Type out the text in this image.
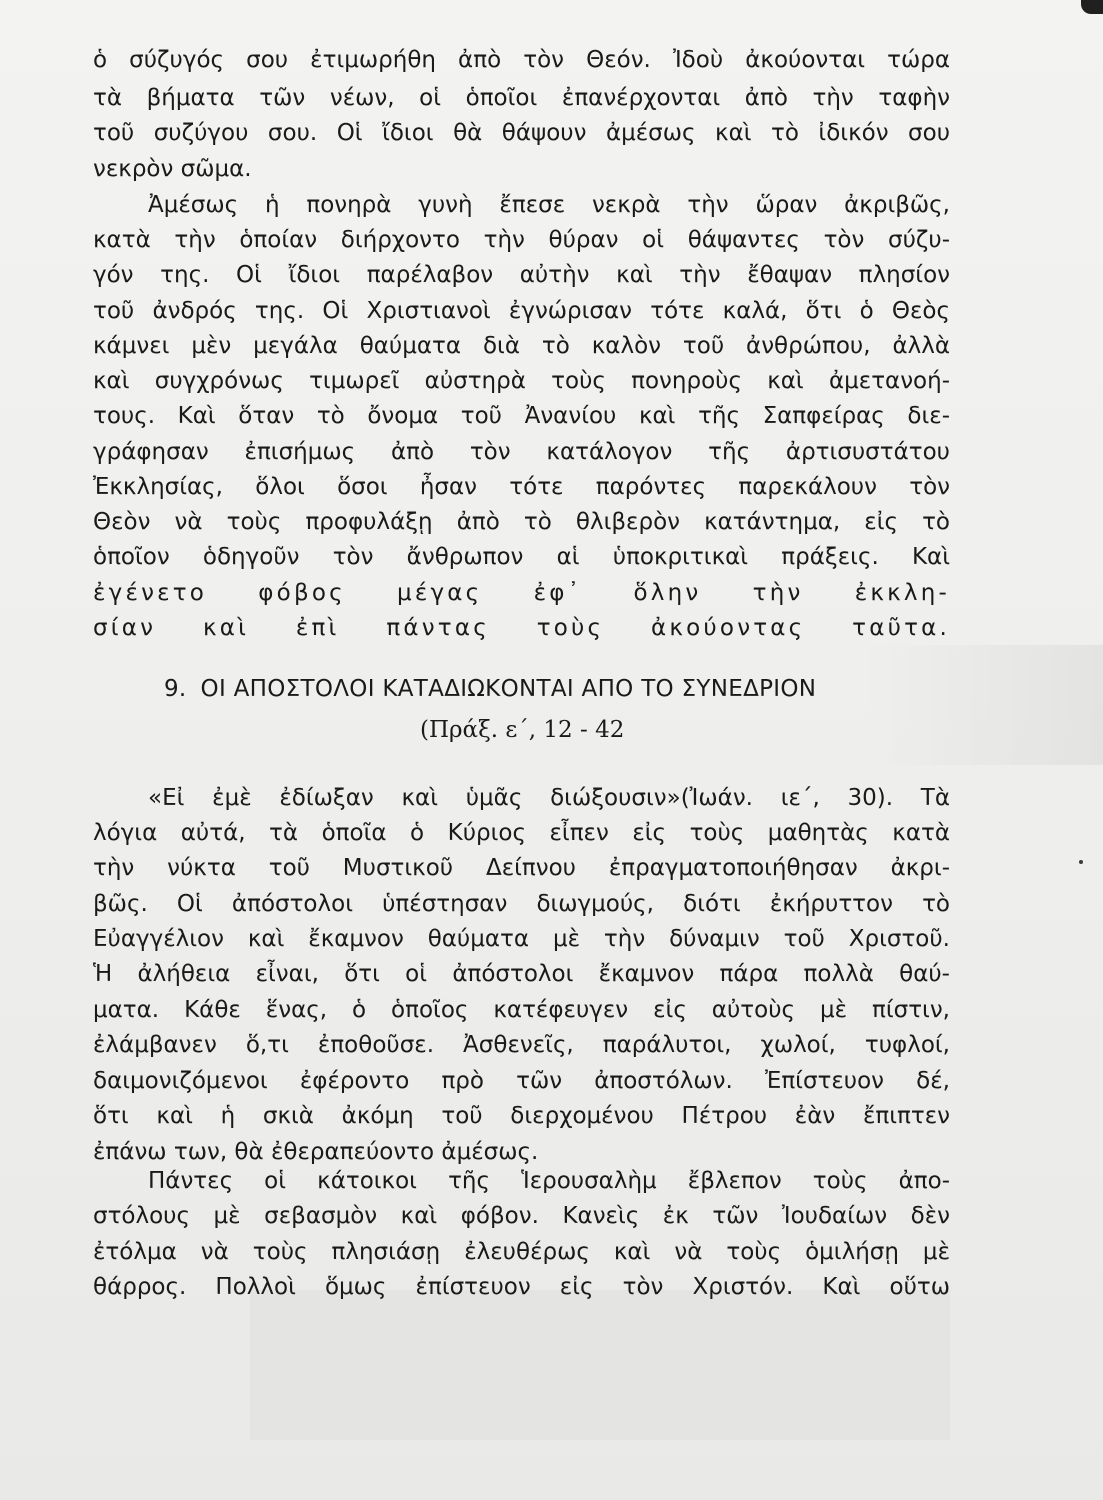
ὁ σύζυγός σου ἐτιμωρήθη ἀπὸ τὸν Θεόν. Ἰδοὺ ἀκούονται τώρα
τὰ βήματα τῶν νέων, οἱ ὁποῖοι ἐπανέρχονται ἀπὸ τὴν ταφὴν
τοῦ συζύγου σου. Οἱ ἴδιοι θὰ θάψουν ἀμέσως καὶ τὸ ἰδικόν σου
νεκρὸν σῶμα.
Ἀμέσως ἡ πονηρὰ γυνὴ ἔπεσε νεκρὰ τὴν ὥραν ἀκριβῶς,
κατὰ τὴν ὁποίαν διήρχοντο τὴν θύραν οἱ θάψαντες τὸν σύζυ-
γόν της. Οἱ ἴδιοι παρέλαβον αὐτὴν καὶ τὴν ἔθαψαν πλησίον
τοῦ ἀνδρός της. Οἱ Χριστιανοὶ ἐγνώρισαν τότε καλά, ὅτι ὁ Θεὸς
κάμνει μὲν μεγάλα θαύματα διὰ τὸ καλὸν τοῦ ἀνθρώπου, ἀλλὰ
καὶ συγχρόνως τιμωρεῖ αὐστηρὰ τοὺς πονηροὺς καὶ ἀμετανοή-
τους. Καὶ ὅταν τὸ ὄνομα τοῦ Ἀνανίου καὶ τῆς Σαπφείρας διε-
γράφησαν ἐπισήμως ἀπὸ τὸν κατάλογον τῆς ἀρτισυστάτου
Ἐκκλησίας, ὅλοι ὅσοι ἦσαν τότε παρόντες παρεκάλουν τὸν
Θεὸν νὰ τοὺς προφυλάξῃ ἀπὸ τὸ θλιβερὸν κατάντημα, εἰς τὸ
ὁποῖον ὁδηγοῦν τὸν ἄνθρωπον αἱ ὑποκριτικαὶ πράξεις. Καὶ
ἐγένετο φόβος μέγας ἐφ᾽ ὅλην τὴν ἐκκλη-
σίαν καὶ ἐπὶ πάντας τοὺς ἀκούοντας ταῦτα.
9. ΟΙ ΑΠΟΣΤΟΛΟΙ ΚΑΤΑΔΙΩΚΟΝΤΑΙ ΑΠΟ ΤΟ ΣΥΝΕΔΡΙΟΝ
(Πράξ. ε΄, 12 - 42
«Εἰ ἐμὲ ἐδίωξαν καὶ ὑμᾶς διώξουσιν»(Ἰωάν. ιε΄, 30). Τὰ
λόγια αὐτά, τὰ ὁποῖα ὁ Κύριος εἶπεν εἰς τοὺς μαθητὰς κατὰ
τὴν νύκτα τοῦ Μυστικοῦ Δείπνου ἐπραγματοποιήθησαν ἀκρι-
βῶς. Οἱ ἀπόστολοι ὑπέστησαν διωγμούς, διότι ἐκήρυττον τὸ
Εὐαγγέλιον καὶ ἔκαμνον θαύματα μὲ τὴν δύναμιν τοῦ Χριστοῦ.
Ἡ ἀλήθεια εἶναι, ὅτι οἱ ἀπόστολοι ἔκαμνον πάρα πολλὰ θαύ-
ματα. Κάθε ἕνας, ὁ ὁποῖος κατέφευγεν εἰς αὐτοὺς μὲ πίστιν,
ἐλάμβανεν ὅ,τι ἐποθοῦσε. Ἀσθενεῖς, παράλυτοι, χωλοί, τυφλοί,
δαιμονιζόμενοι ἐφέροντο πρὸ τῶν ἀποστόλων. Ἐπίστευον δέ,
ὅτι καὶ ἡ σκιὰ ἀκόμη τοῦ διερχομένου Πέτρου ἐὰν ἔπιπτεν
ἐπάνω των, θὰ ἐθεραπεύοντο ἀμέσως.
Πάντες οἱ κάτοικοι τῆς Ἱερουσαλὴμ ἔβλεπον τοὺς ἀπο-
στόλους μὲ σεβασμὸν καὶ φόβον. Κανεὶς ἐκ τῶν Ἰουδαίων δὲν
ἐτόλμα νὰ τοὺς πλησιάσῃ ἐλευθέρως καὶ νὰ τοὺς ὁμιλήσῃ μὲ
θάρρος. Πολλοὶ ὅμως ἐπίστευον εἰς τὸν Χριστόν. Καὶ οὕτω
